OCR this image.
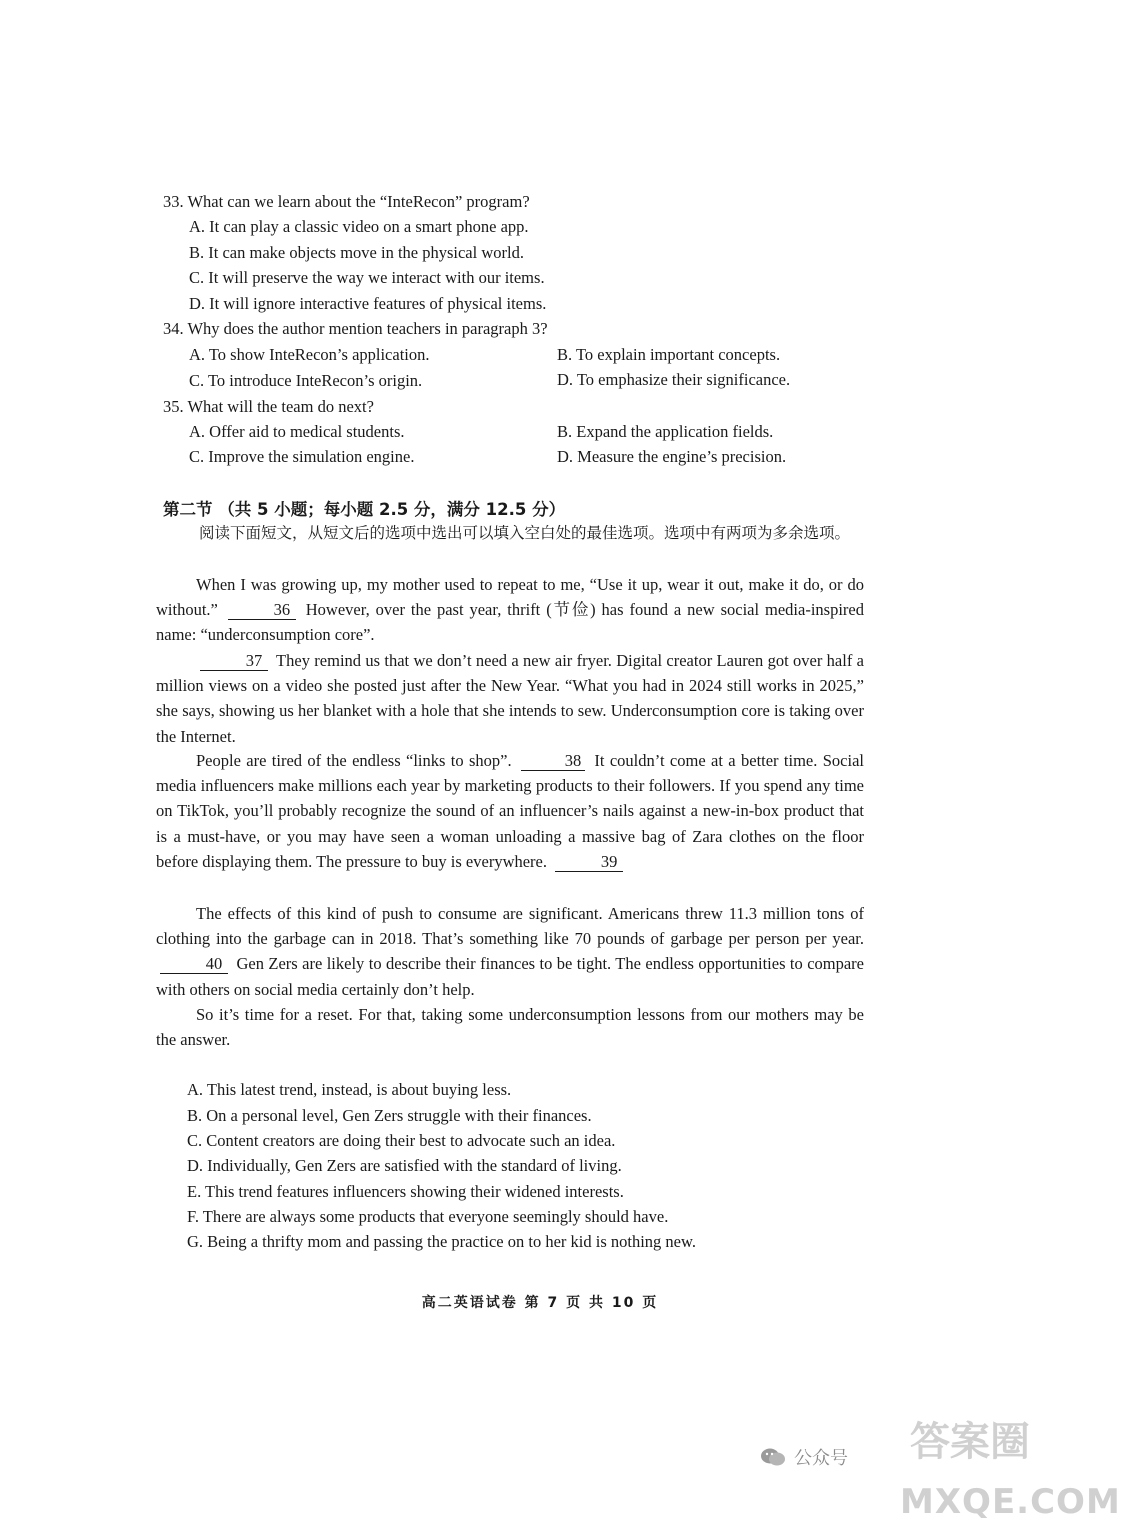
33. What can we learn about the “InteRecon” program?
A. It can play a classic video on a smart phone app.
B. It can make objects move in the physical world.
C. It will preserve the way we interact with our items.
D. It will ignore interactive features of physical items.
34. Why does the author mention teachers in paragraph 3?
A. To show InteRecon’s application.	B. To explain important concepts.
C. To introduce InteRecon’s origin.	D. To emphasize their significance.
35. What will the team do next?
A. Offer aid to medical students.	B. Expand the application fields.
C. Improve the simulation engine.	D. Measure the engine’s precision.
第二节 （共 5 小题；每小题 2.5 分，满分 12.5 分）
阅读下面短文，从短文后的选项中选出可以填入空白处的最佳选项。选项中有两项为多余选项。
When I was growing up, my mother used to repeat to me, “Use it up, wear it out, make it do, or do without.”	36 However, over the past year, thrift (节俭) has found a new social media-inspired name: “underconsumption core”.
37 They remind us that we don’t need a new air fryer. Digital creator Lauren got over half a million views on a video she posted just after the New Year. “What you had in 2024 still works in 2025,” she says, showing us her blanket with a hole that she intends to sew. Underconsumption core is taking over the Internet.
People are tired of the endless “links to shop”.	38 It couldn’t come at a better time. Social media influencers make millions each year by marketing products to their followers. If you spend any time on TikTok, you’ll probably recognize the sound of an influencer’s nails against a new-in-box product that is a must-have, or you may have seen a woman unloading a massive bag of Zara clothes on the floor before displaying them. The pressure to buy is everywhere.	39
The effects of this kind of push to consume are significant. Americans threw 11.3 million tons of clothing into the garbage can in 2018. That’s something like 70 pounds of garbage per person per year. 40 Gen Zers are likely to describe their finances to be tight. The endless opportunities to compare with others on social media certainly don’t help.
So it’s time for a reset. For that, taking some underconsumption lessons from our mothers may be the answer.
A. This latest trend, instead, is about buying less.
B. On a personal level, Gen Zers struggle with their finances.
C. Content creators are doing their best to advocate such an idea.
D. Individually, Gen Zers are satisfied with the standard of living.
E. This trend features influencers showing their widened interests.
F. There are always some products that everyone seemingly should have.
G. Being a thrifty mom and passing the practice on to her kid is nothing new.
高二英语试卷 第 7 页 共 10 页
公众号 答案圈
MXQE.COM
